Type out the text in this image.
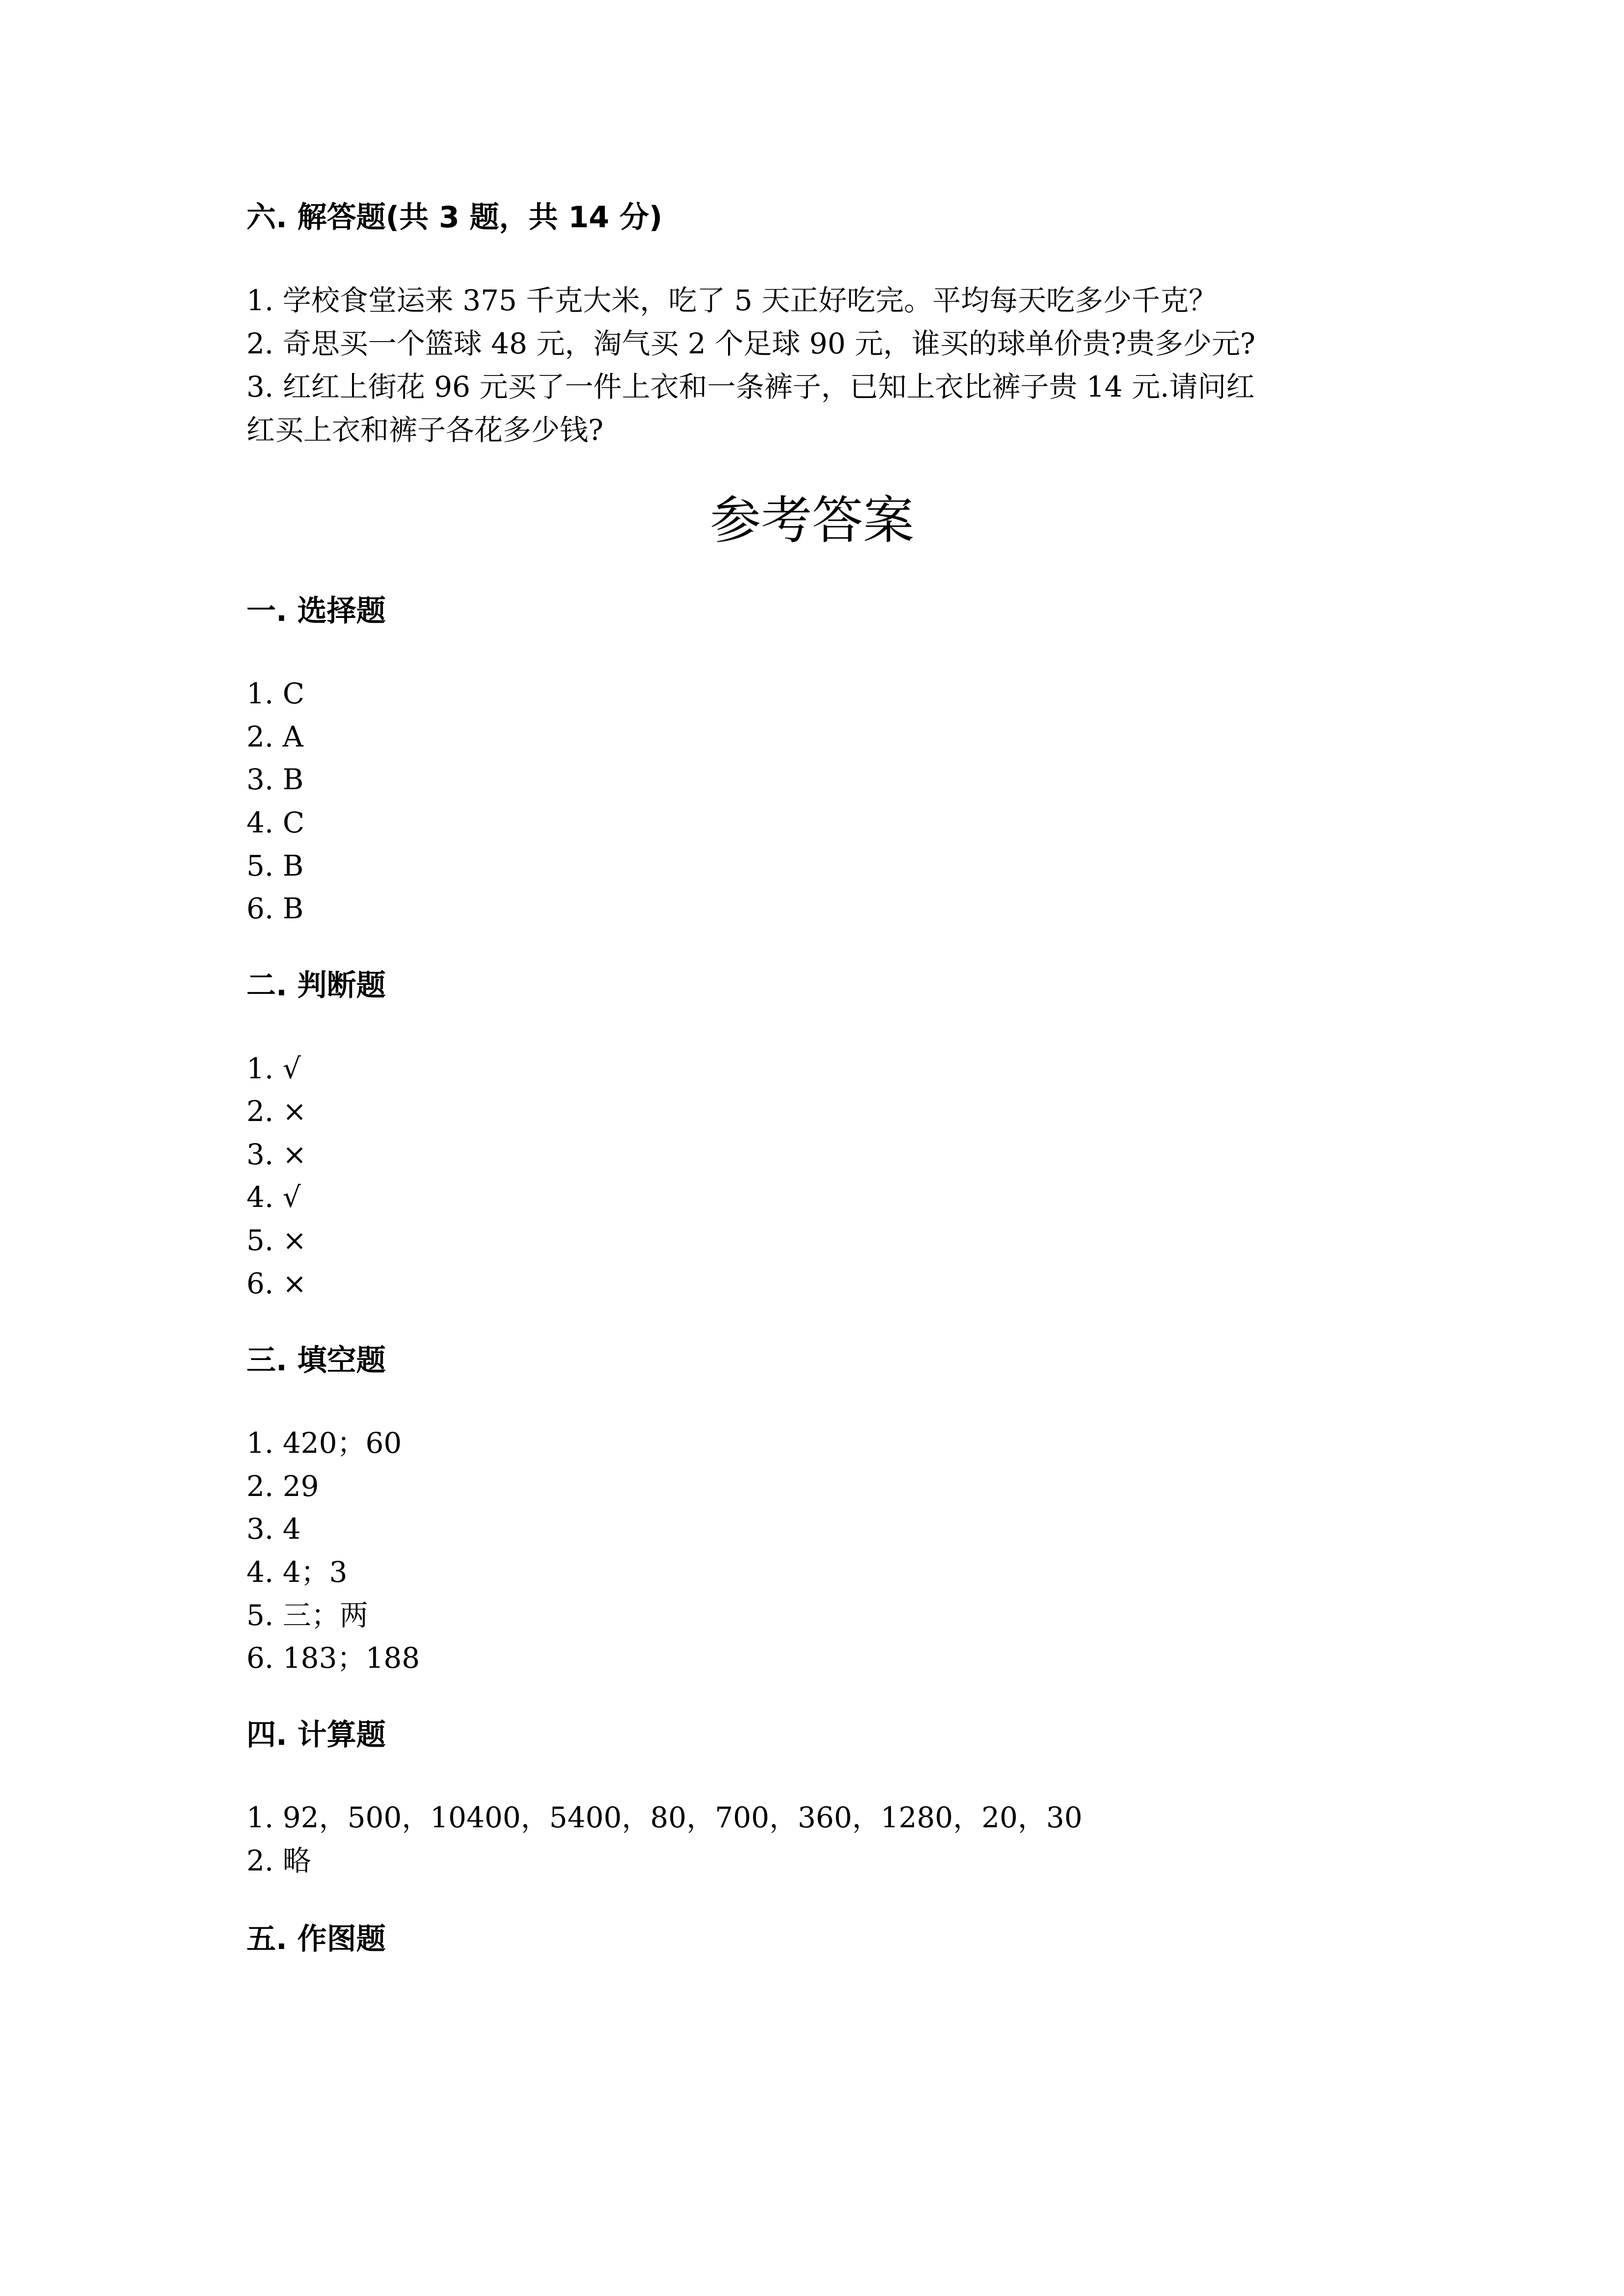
六. 解答题(共 3 题，共 14 分)
1. 学校食堂运来 375 千克大米，吃了 5 天正好吃完。平均每天吃多少千克？
2. 奇思买一个篮球 48 元，淘气买 2 个足球 90 元，谁买的球单价贵?贵多少元?
3. 红红上街花 96 元买了一件上衣和一条裤子，已知上衣比裤子贵 14 元.请问红
红买上衣和裤子各花多少钱?
参考答案
一. 选择题
1. C
2. A
3. B
4. C
5. B
6. B
二. 判断题
1. √
2. ×
3. ×
4. √
5. ×
6. ×
三. 填空题
1. 420；60
2. 29
3. 4
4. 4；3
5. 三；两
6. 183；188
四. 计算题
1. 92，500，10400，5400，80，700，360，1280，20，30
2. 略
五. 作图题
